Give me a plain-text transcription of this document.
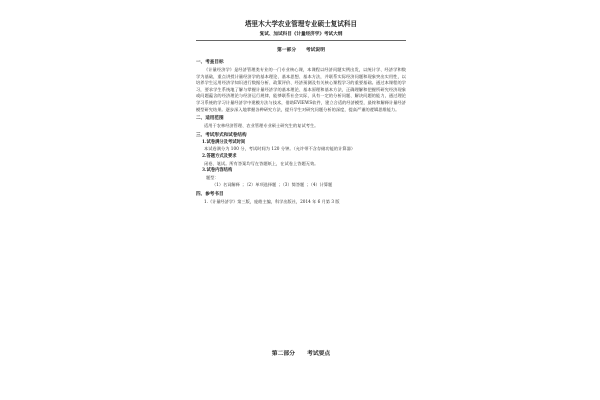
塔里木大学农业管理专业硕士复试科目
复试、加试科目《计量经济学》考试大纲
第一部分 考试说明
一、考查目标
《计量经济学》是经济管理类专业的一门专业核心课，本课程以经济问题实例出发，以统计学、经济学和数学为基础，重点讲授计量经济学的基本理论、基本思想、基本方法，并联系实际经济问题和现象突出实用性，以培养学生运用经济学知识进行数据分析、政策评价、经济预测及有关核心课程学习的重要基础。通过本课程的学习，要求学生系统地了解与掌握计量经济学的基本理论、基本原理和基本方法，正确理解和把握所研究经济现象或问题蕴含的经济理论与经济运行规律，能够联系社会实际，具有一定的分析问题、解决问题的能力，通过理论学习系统的学习计量经济学中建模方法与技术，借助EVIEWS软件，建立合适的经济模型，最终和解释计量经济模型研究结果。逐步深入地掌握各种研究方法，提升学生对研究问题分析的深度，提高严谨的逻辑思维能力。
二、适用范围
适用于农林经济管理、农业管理专业硕士研究生的复试考生。
三、考试形式和试卷结构
1.试卷满分及考试时间
本试卷满分为 100 分，考试时间为 120 分钟。（允许带不含存储功能的计算器）
2.答题方式及要求
闭卷、笔试。所有答案均写在答题纸上，在试卷上答题无效。
3.试卷内容结构
题型：
（1）名词解释 ；（2）单项选择题 ；（3）简答题 ；（4）计算题
四、参考书目
1.《计量经济学》第三版，庞皓主编，科学出版社，2014 年 6 月第 3 版
第二部分 考试要点
